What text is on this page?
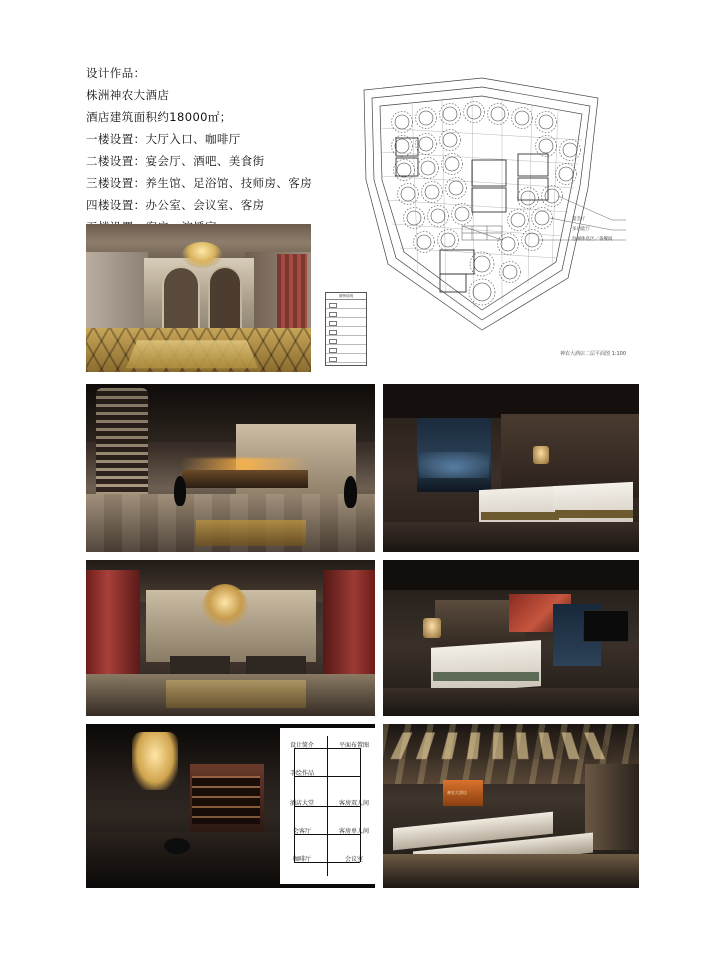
设计作品：
株洲神农大酒店
酒店建筑面积约18000㎡；
一楼设置：大厅入口、咖啡厅
二楼设置：宴会厅、酒吧、美食街
三楼设置：养生馆、足浴馆、技师房、客房
四楼设置：办公室、会议室、客房
宴会厅
多功能厅
包厢休息区／备餐间
图例说明
神农大酒店二层平面图 1:100
神农大酒店
设计简介	平面布置图
手绘作品
酒店大堂	客房双人间
会客厅	客房单人间
咖啡厅	会议室
